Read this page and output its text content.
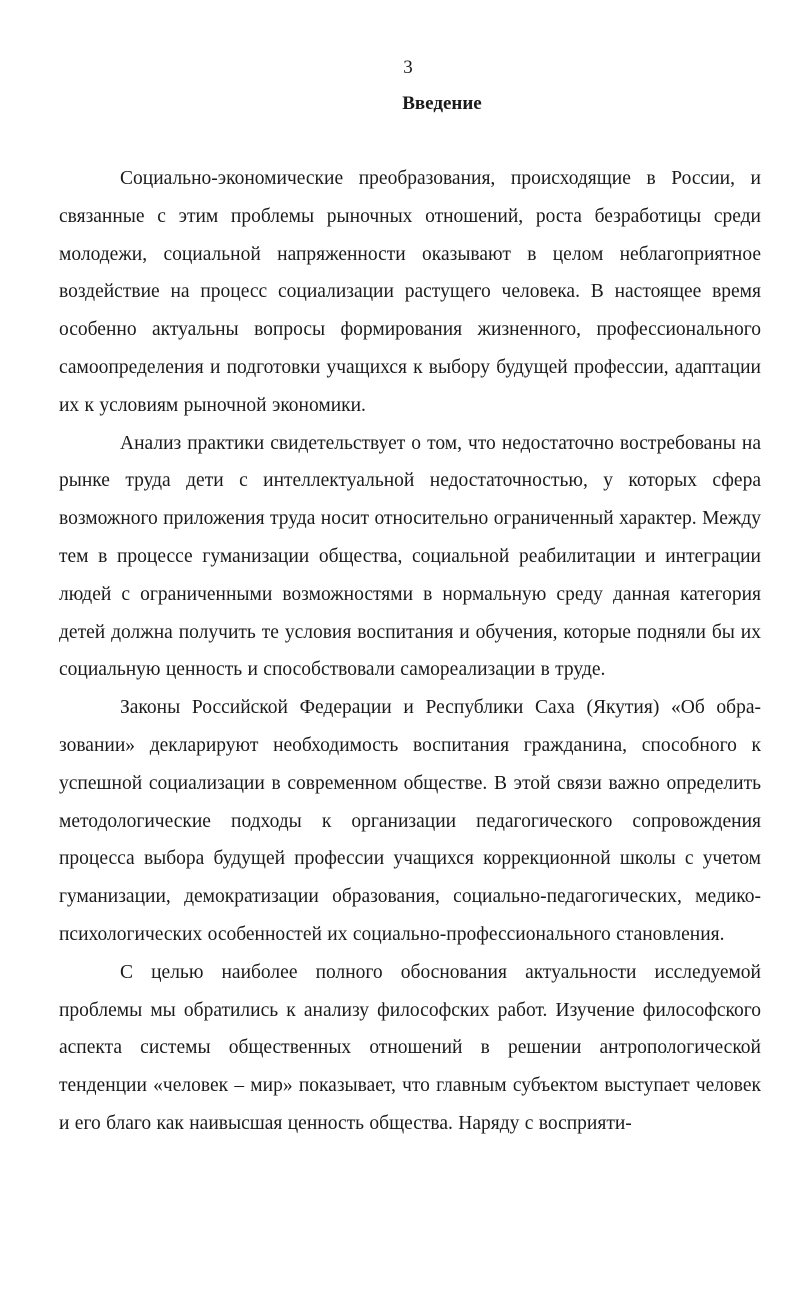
3
Введение

Социально-экономические преобразования, происходящие в России, и связанные с этим проблемы рыночных отношений, роста безработицы среди молодежи, социальной напряженности оказывают в целом неблагоприятное воздействие на процесс социализации растущего человека. В настоящее время особенно актуальны вопросы формирования жизненного, профессионального самоопределения и подготовки учащихся к выбору будущей профессии, адаптации их к условиям рыночной экономики.

Анализ практики свидетельствует о том, что недостаточно востребованы на рынке труда дети с интеллектуальной недостаточностью, у которых сфера возможного приложения труда носит относительно ограниченный характер. Между тем в процессе гуманизации общества, социальной реабилитации и интеграции людей с ограниченными возможностями в нормальную среду данная категория детей должна получить те условия воспитания и обучения, которые подняли бы их социальную ценность и способствовали самореализации в труде.

Законы Российской Федерации и Республики Саха (Якутия) «Об образовании» декларируют необходимость воспитания гражданина, способного к успешной социализации в современном обществе. В этой связи важно определить методологические подходы к организации педагогического сопровождения процесса выбора будущей профессии учащихся коррекционной школы с учетом гуманизации, демократизации образования, социально-педагогических, медико-психологических особенностей их социально-профессионального становления.

С целью наиболее полного обоснования актуальности исследуемой проблемы мы обратились к анализу философских работ. Изучение философского аспекта системы общественных отношений в решении антропологической тенденции «человек – мир» показывает, что главным субъектом выступает человек и его благо как наивысшая ценность общества. Наряду с восприяти-
